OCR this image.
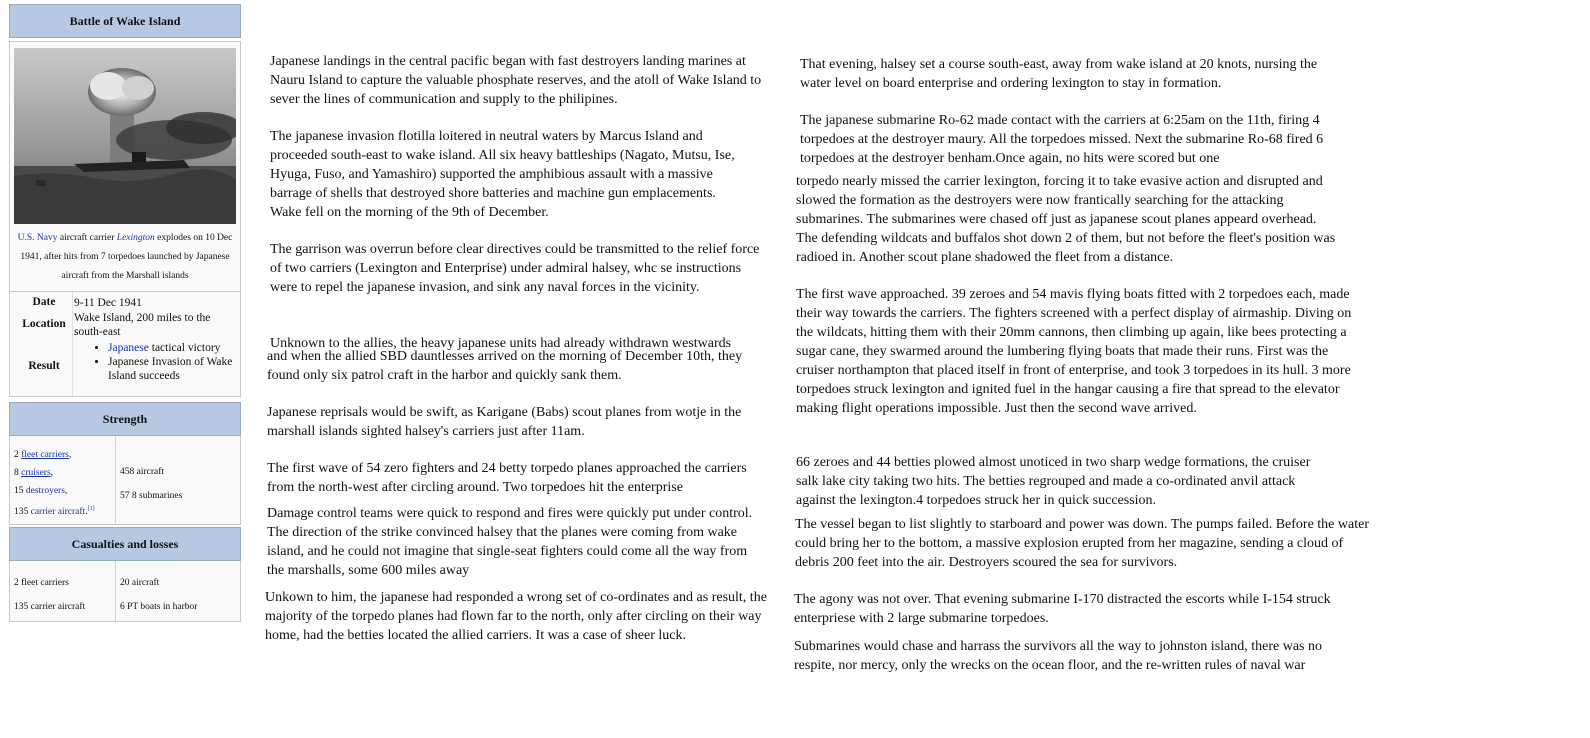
Battle of Wake Island
U.S. Navy aircraft carrier Lexington explodes on 10 Dec 1941, after hits from 7 torpedoes launched by Japanese aircraft from the Marshall islands
Date	9-11 Dec 1941
Location Wake Island, 200 miles to the south-east
Result
• Japanese tactical victory
• Japanese Invasion of Wake Island succeeds
Strength
2 fleet carriers,
8 cruisers,
15 destroyers,
135 carrier aircraft.[1]
458 aircraft
57 8 submarines
Casualties and losses
2 fleet carriers
135 carrier aircraft
20 aircraft
6 PT boats in harbor

Japanese landings in the central pacific began with fast destroyers landing marines at Nauru Island to capture the valuable phosphate reserves, and the atoll of Wake Island to sever the lines of communication and supply to the philipines.

The japanese invasion flotilla loitered in neutral waters by Marcus Island and proceeded south-east to wake island. All six heavy battleships (Nagato, Mutsu, Ise, Hyuga, Fuso, and Yamashiro) supported the amphibious assault with a massive barrage of shells that destroyed shore batteries and machine gun emplacements. Wake fell on the morning of the 9th of December.

The garrison was overrun before clear directives could be transmitted to the relief force of two carriers (Lexington and Enterprise) under admiral halsey, whc se instructions were to repel the japanese invasion, and sink any naval forces in the vicinity.

Unknown to the allies, the heavy japanese units had already withdrawn westwards

and when the allied SBD dauntlesses arrived on the morning of December 10th, they found only six patrol craft in the harbor and quickly sank them.

Japanese reprisals would be swift, as Karigane (Babs) scout planes from wotje in the marshall islands sighted halsey's carriers just after 11am.

The first wave of 54 zero fighters and 24 betty torpedo planes approached the carriers from the north-west after circling around. Two torpedoes hit the enterprise

Damage control teams were quick to respond and fires were quickly put under control. The direction of the strike convinced halsey that the planes were coming from wake island, and he could not imagine that single-seat fighters could come all the way from the marshalls, some 600 miles away

Unkown to him, the japanese had responded a wrong set of co-ordinates and as result, the majority of the torpedo planes had flown far to the north, only after circling on their way home, had the betties located the allied carriers. It was a case of sheer luck.

That evening, halsey set a course south-east, away from wake island at 20 knots, nursing the water level on board enterprise and ordering lexington to stay in formation.

The japanese submarine Ro-62 made contact with the carriers at 6:25am on the 11th, firing 4 torpedoes at the destroyer maury. All the torpedoes missed. Next the submarine Ro-68 fired 6 torpedoes at the destroyer benham.Once again, no hits were scored but one

torpedo nearly missed the carrier lexington, forcing it to take evasive action and disrupted and slowed the formation as the destroyers were now frantically searching for the attacking submarines. The submarines were chased off just as japanese scout planes appeard overhead. The defending wildcats and buffalos shot down 2 of them, but not before the fleet's position was radioed in. Another scout plane shadowed the fleet from a distance.

The first wave approached. 39 zeroes and 54 mavis flying boats fitted with 2 torpedoes each, made their way towards the carriers. The fighters screened with a perfect display of airmaship. Diving on the wildcats, hitting them with their 20mm cannons, then climbing up again, like bees protecting a sugar cane, they swarmed around the lumbering flying boats that made their runs. First was the cruiser northampton that placed itself in front of enterprise, and took 3 torpedoes in its hull. 3 more torpedoes struck lexington and ignited fuel in the hangar causing a fire that spread to the elevator making flight operations impossible. Just then the second wave arrived.

66 zeroes and 44 betties plowed almost unoticed in two sharp wedge formations, the cruiser salk lake city taking two hits. The betties regrouped and made a co-ordinated anvil attack against the lexington.4 torpedoes struck her in quick succession.

The vessel began to list slightly to starboard and power was down. The pumps failed. Before the water could bring her to the bottom, a massive explosion erupted from her magazine, sending a cloud of debris 200 feet into the air. Destroyers scoured the sea for survivors.

The agony was not over. That evening submarine I-170 distracted the escorts while I-154 struck enterpriese with 2 large submarine torpedoes.

Submarines would chase and harrass the survivors all the way to johnston island, there was no respite, nor mercy, only the wrecks on the ocean floor, and the re-written rules of naval war
